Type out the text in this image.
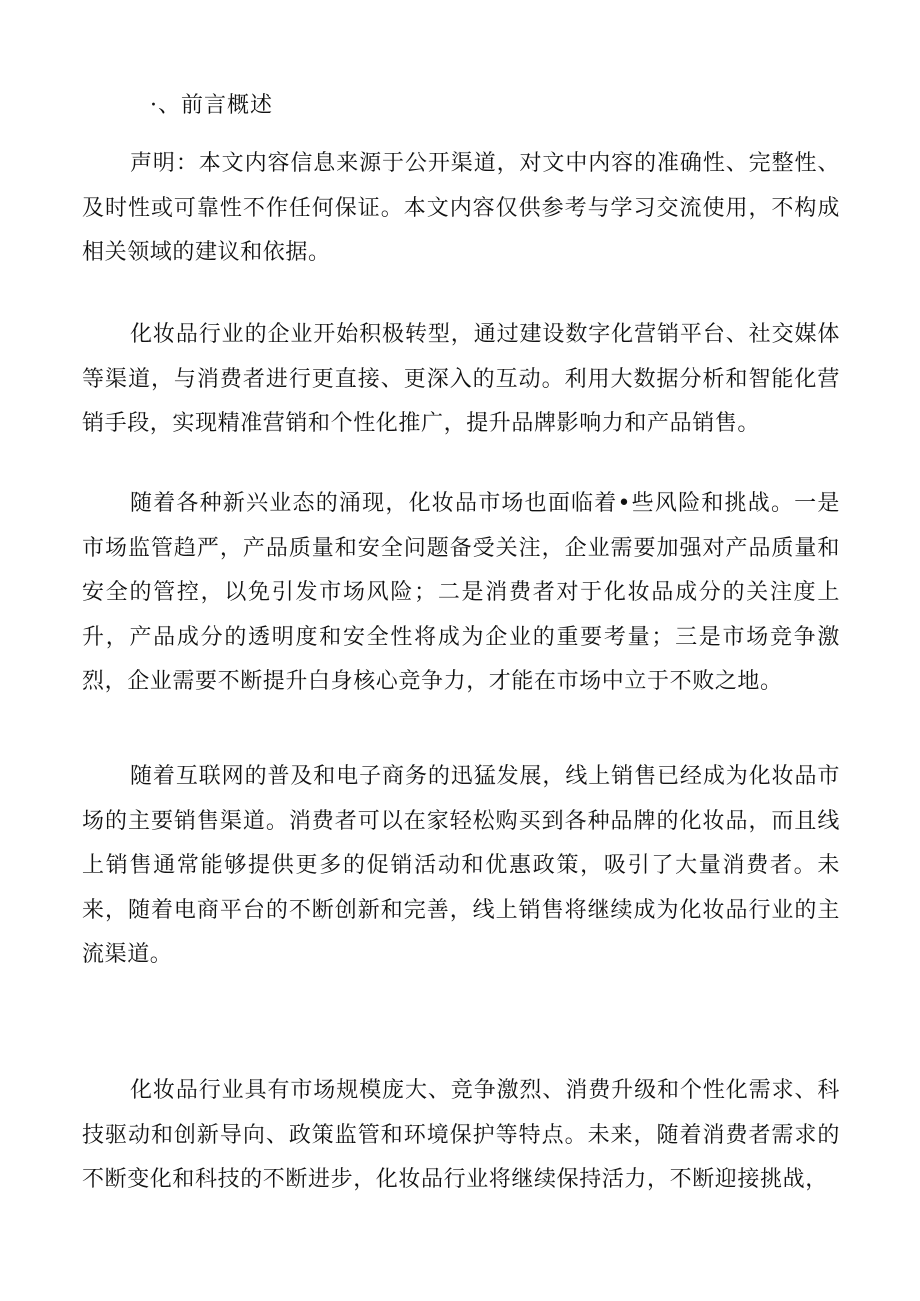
·、前言概述

声明：本文内容信息来源于公开渠道，对文中内容的准确性、完整性、及时性或可靠性不作任何保证。本文内容仅供参考与学习交流使用，不构成相关领域的建议和依据。

化妆品行业的企业开始积极转型，通过建设数字化营销平台、社交媒体等渠道，与消费者进行更直接、更深入的互动。利用大数据分析和智能化营销手段，实现精准营销和个性化推广，提升品牌影响力和产品销售。

随着各种新兴业态的涌现，化妆品市场也面临着•些风险和挑战。一是市场监管趋严，产品质量和安全问题备受关注，企业需要加强对产品质量和安全的管控，以免引发市场风险；二是消费者对于化妆品成分的关注度上升，产品成分的透明度和安全性将成为企业的重要考量；三是市场竞争激烈，企业需要不断提升白身核心竞争力，才能在市场中立于不败之地。

随着互联网的普及和电子商务的迅猛发展，线上销售已经成为化妆品市场的主要销售渠道。消费者可以在家轻松购买到各种品牌的化妆品，而且线上销售通常能够提供更多的促销活动和优惠政策，吸引了大量消费者。未来，随着电商平台的不断创新和完善，线上销售将继续成为化妆品行业的主流渠道。

化妆品行业具有市场规模庞大、竞争激烈、消费升级和个性化需求、科技驱动和创新导向、政策监管和环境保护等特点。未来，随着消费者需求的不断变化和科技的不断进步，化妆品行业将继续保持活力，不断迎接挑战，
